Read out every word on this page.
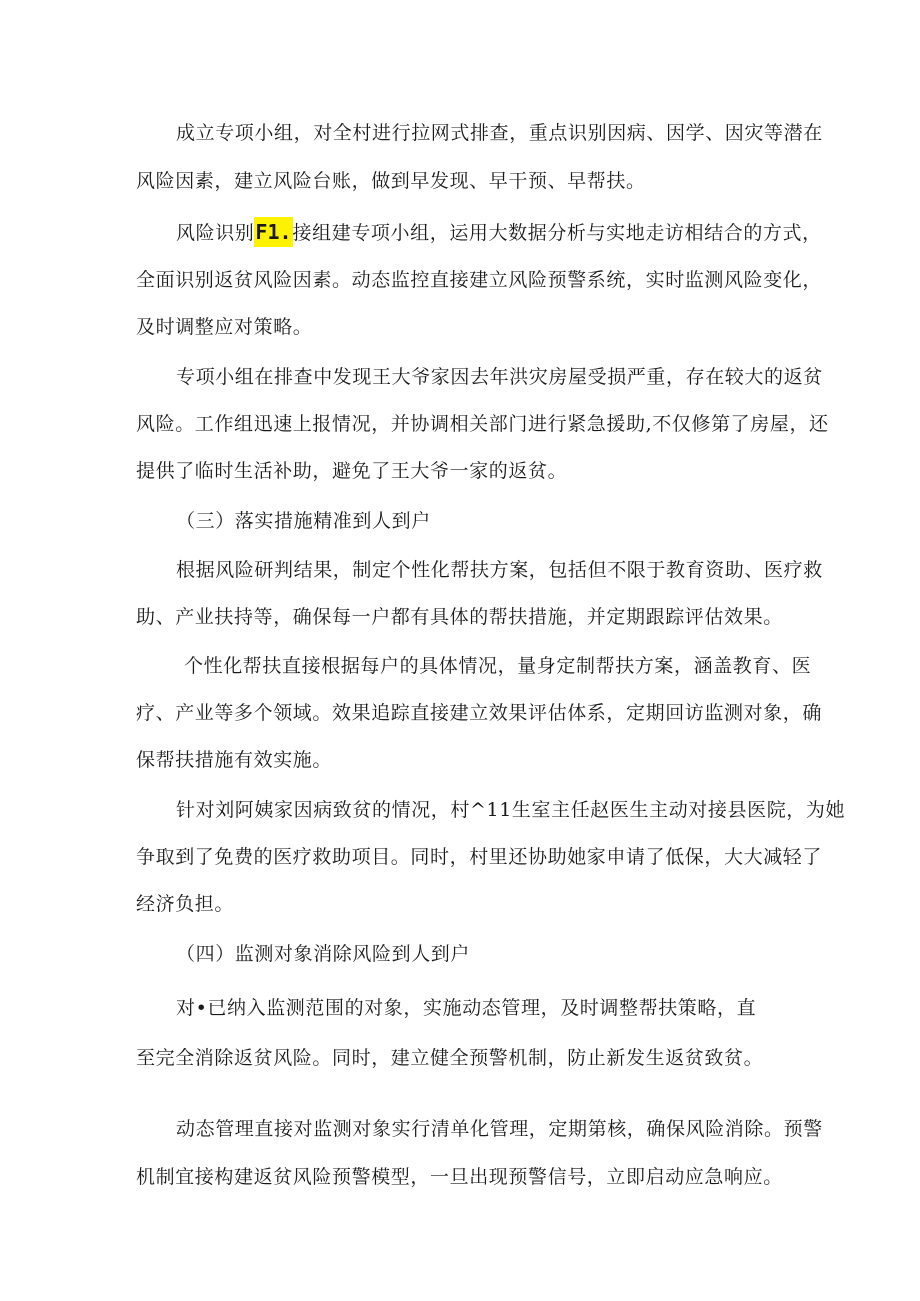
成立专项小组，对全村进行拉网式排查，重点识别因病、因学、因灾等潜在
风险因素，建立风险台账，做到早发现、早干预、早帮扶。
风险识别F1.接组建专项小组，运用大数据分析与实地走访相结合的方式，
全面识别返贫风险因素。动态监控直接建立风险预警系统，实时监测风险变化，
及时调整应对策略。
专项小组在排查中发现王大爷家因去年洪灾房屋受损严重，存在较大的返贫
风险。工作组迅速上报情况，并协调相关部门进行紧急援助,不仅修第了房屋，还
提供了临时生活补助，避免了王大爷一家的返贫。
（三）落实措施精准到人到户
根据风险研判结果，制定个性化帮扶方案，包括但不限于教育资助、医疗救
助、产业扶持等，确保每一户都有具体的帮扶措施，并定期跟踪评估效果。
个性化帮扶直接根据每户的具体情况，量身定制帮扶方案，涵盖教育、医
疗、产业等多个领域。效果追踪直接建立效果评估体系，定期回访监测对象，确
保帮扶措施有效实施。
针对刘阿姨家因病致贫的情况，村^11生室主任赵医生主动对接县医院，为她
争取到了免费的医疗救助项目。同时，村里还协助她家申请了低保，大大减轻了
经济负担。
（四）监测对象消除风险到人到户
对•已纳入监测范围的对象，实施动态管理，及时调整帮扶策略，直
至完全消除返贫风险。同时，建立健全预警机制，防止新发生返贫致贫。
动态管理直接对监测对象实行清单化管理，定期第核，确保风险消除。预警
机制宜接构建返贫风险预警模型，一旦出现预警信号，立即启动应急响应。
